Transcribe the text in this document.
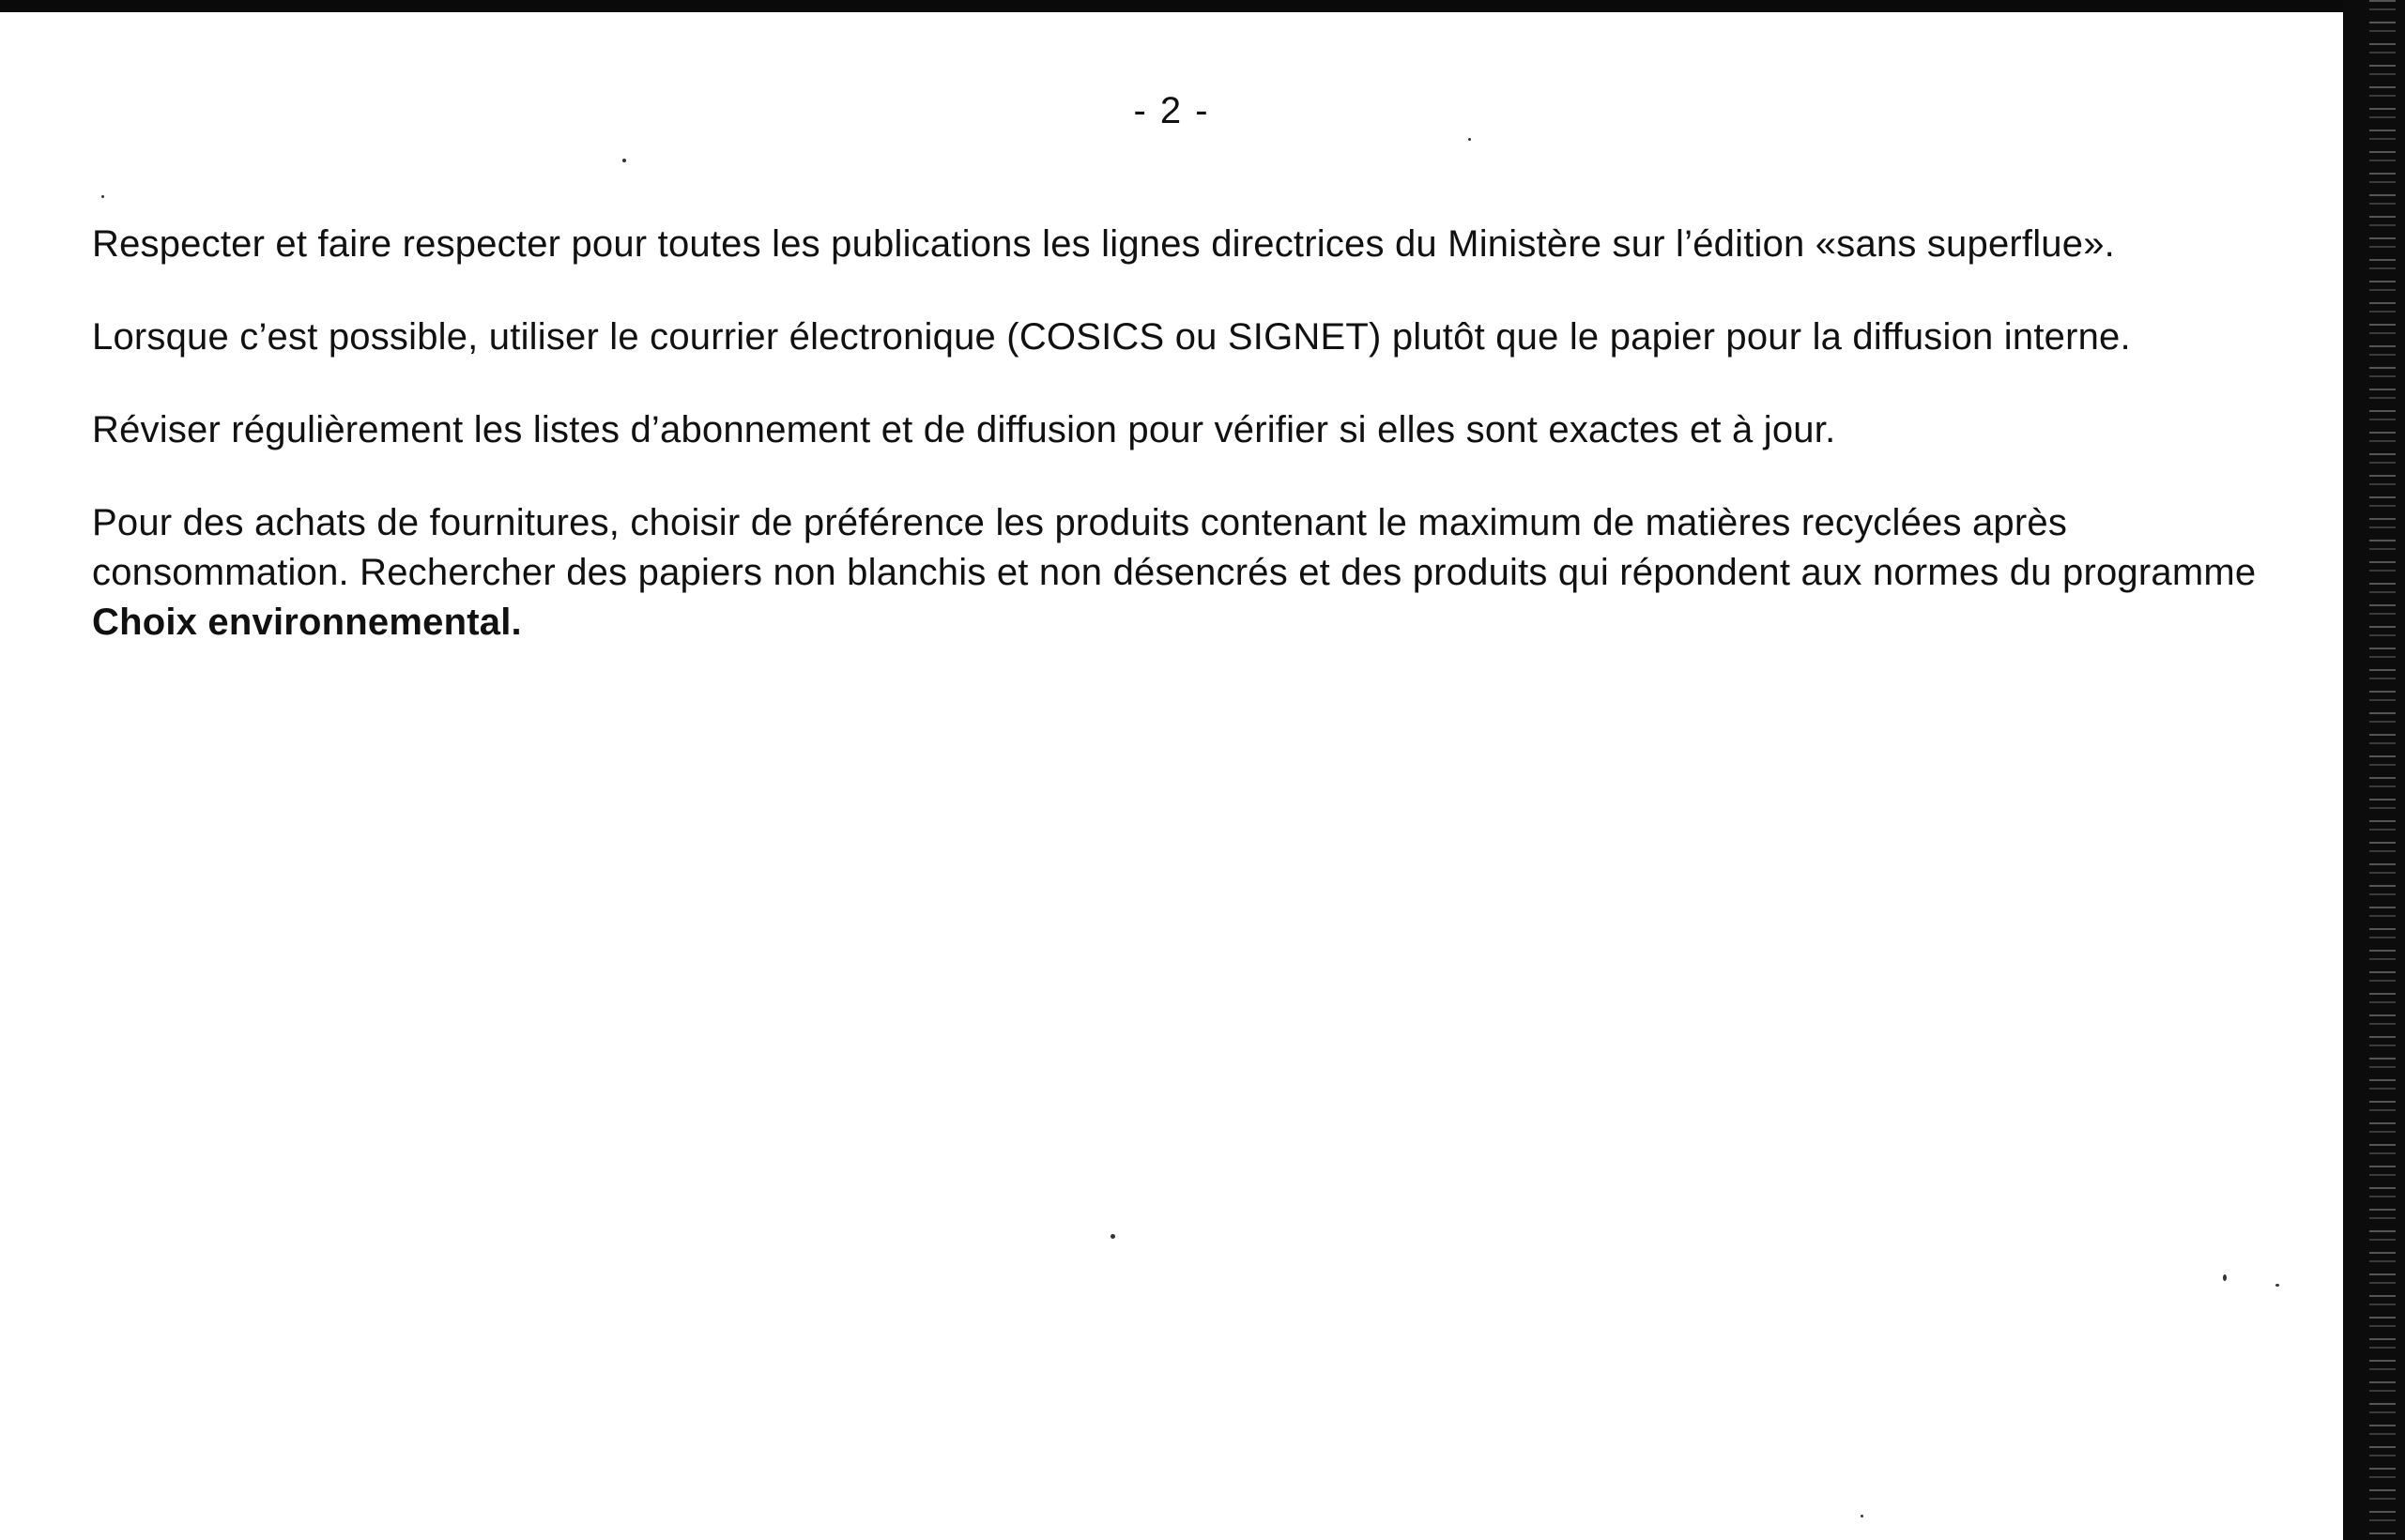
- 2 -

Respecter et faire respecter pour toutes les publications les lignes directrices du Ministère sur l’édition «sans superflue».

Lorsque c’est possible, utiliser le courrier électronique (COSICS ou SIGNET) plutôt que le papier pour la diffusion interne.

Réviser régulièrement les listes d’abonnement et de diffusion pour vérifier si elles sont exactes et à jour.

Pour des achats de fournitures, choisir de préférence les produits contenant le maximum de matières recyclées après consommation. Rechercher des papiers non blanchis et non désencrés et des produits qui répondent aux normes du programme Choix environnemental.
